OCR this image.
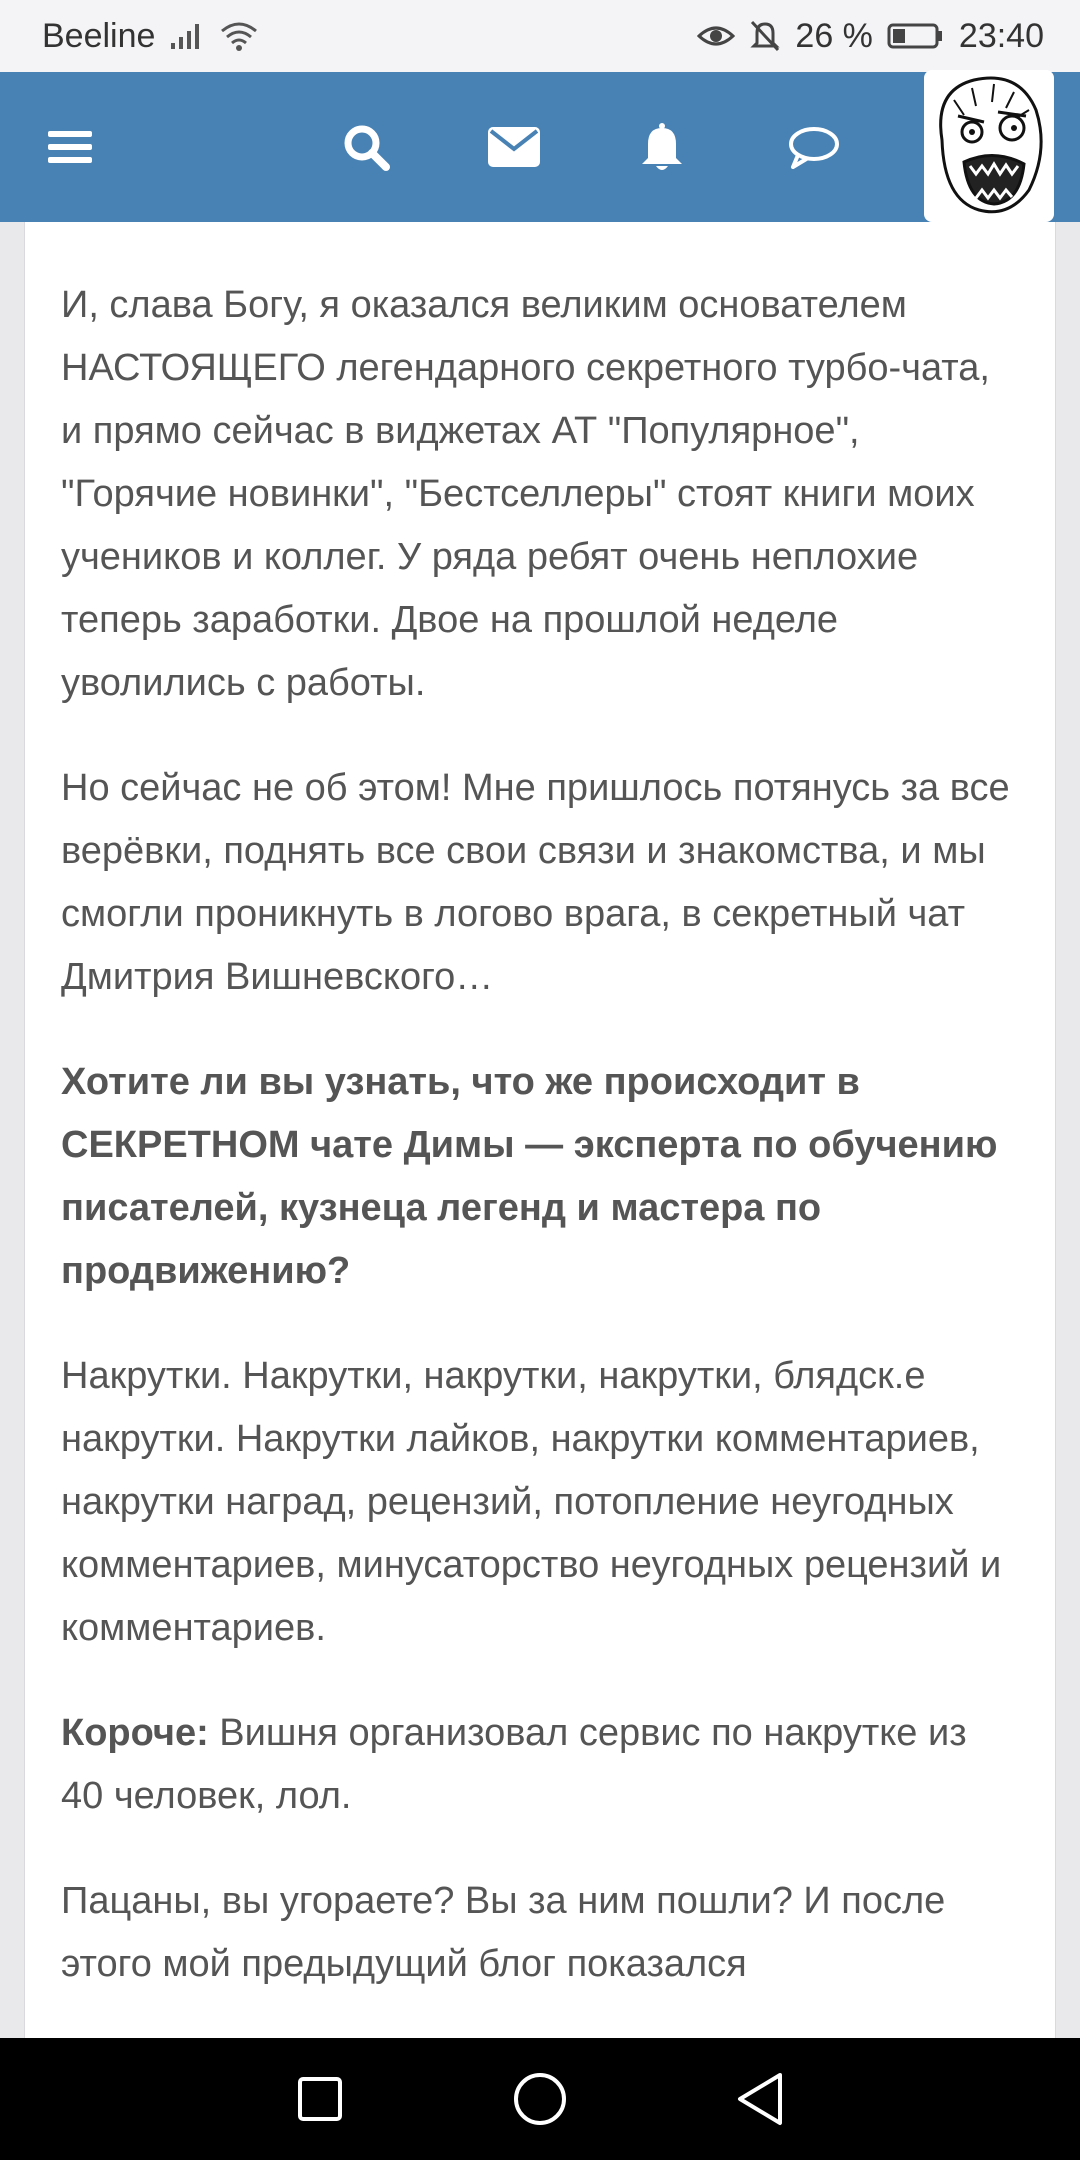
Beeline	26 %	23:40

И, слава Богу, я оказался великим основателем НАСТОЯЩЕГО легендарного секретного турбо-чата, и прямо сейчас в виджетах АТ "Популярное", "Горячие новинки", "Бестселлеры" стоят книги моих учеников и коллег. У ряда ребят очень неплохие теперь заработки. Двое на прошлой неделе уволились с работы.

Но сейчас не об этом! Мне пришлось потянусь за все верёвки, поднять все свои связи и знакомства, и мы смогли проникнуть в логово врага, в секретный чат Дмитрия Вишневского…

Хотите ли вы узнать, что же происходит в СЕКРЕТНОМ чате Димы — эксперта по обучению писателей, кузнеца легенд и мастера по продвижению?

Накрутки. Накрутки, накрутки, накрутки, блядск.е накрутки. Накрутки лайков, накрутки комментариев, накрутки наград, рецензий, потопление неугодных комментариев, минусаторство неугодных рецензий и комментариев.

Короче: Вишня организовал сервис по накрутке из 40 человек, лол.

Пацаны, вы угораете? Вы за ним пошли? И после этого мой предыдущий блог показался
